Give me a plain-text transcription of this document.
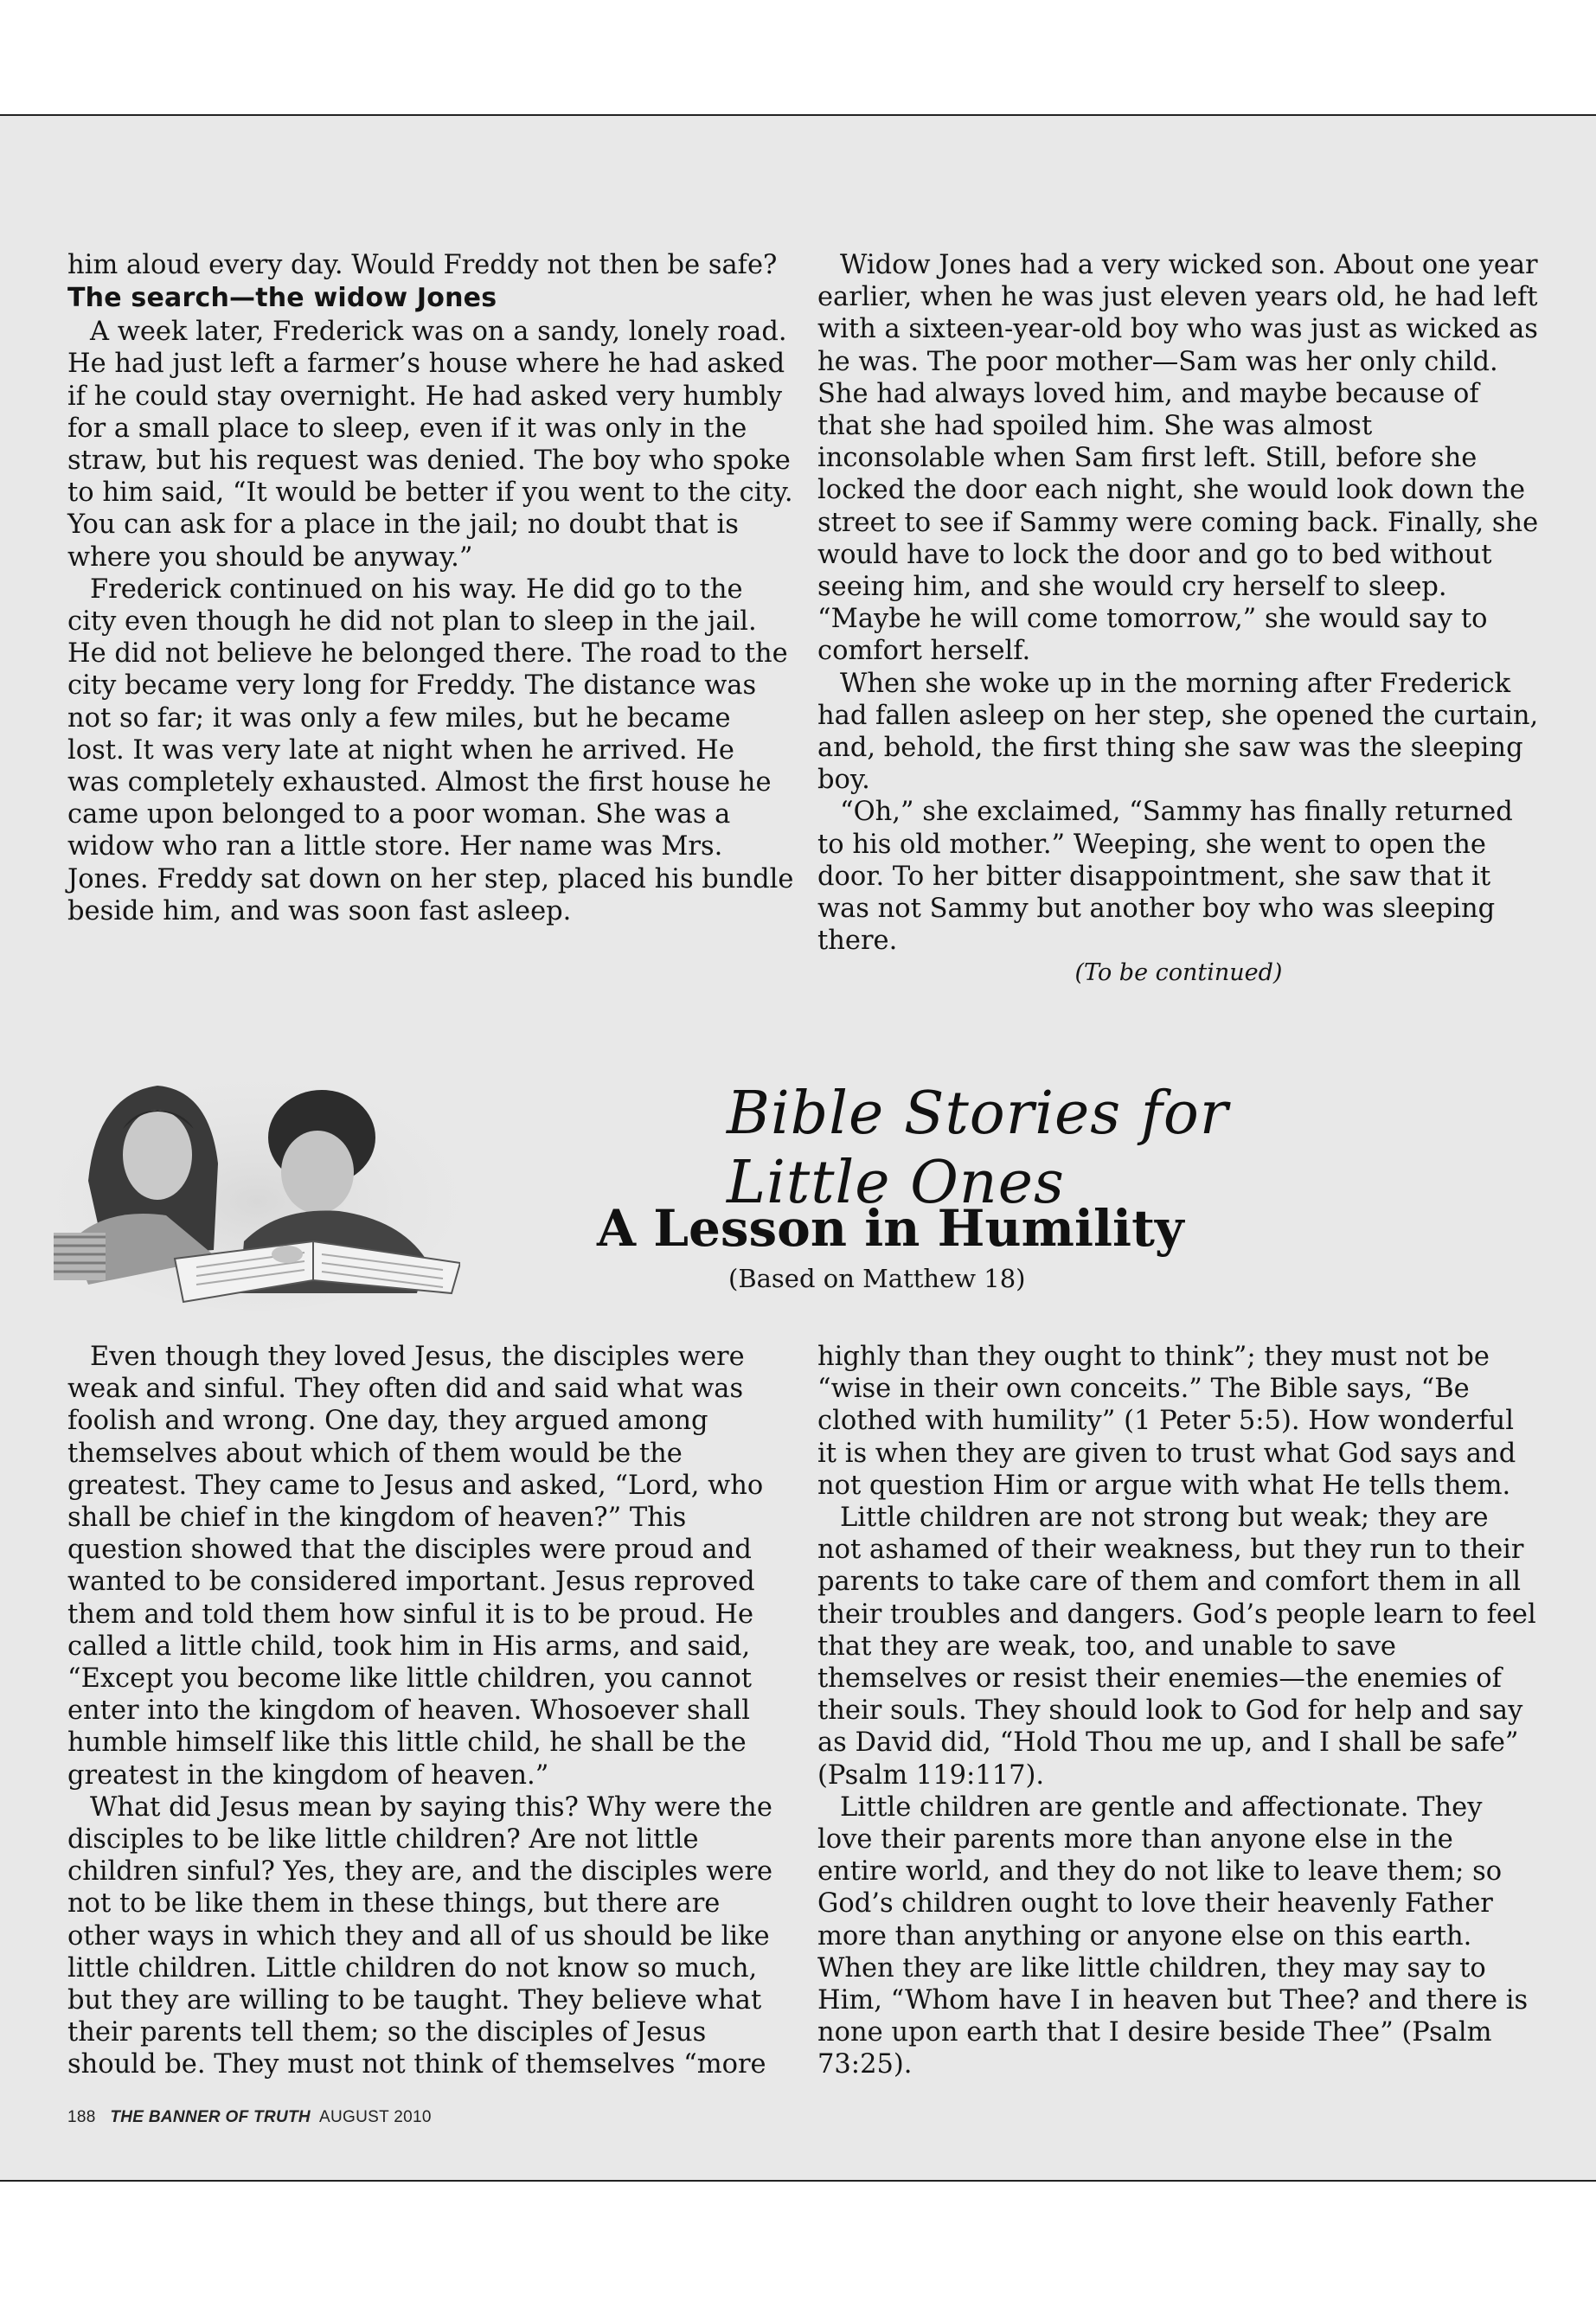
him aloud every day. Would Freddy not then be safe?

The search—the widow Jones

A week later, Frederick was on a sandy, lonely road. He had just left a farmer’s house where he had asked if he could stay overnight. He had asked very humbly for a small place to sleep, even if it was only in the straw, but his request was denied. The boy who spoke to him said, “It would be better if you went to the city. You can ask for a place in the jail; no doubt that is where you should be anyway.”

Frederick continued on his way. He did go to the city even though he did not plan to sleep in the jail. He did not believe he belonged there. The road to the city became very long for Freddy. The distance was not so far; it was only a few miles, but he became lost. It was very late at night when he arrived. He was completely exhausted. Almost the first house he came upon belonged to a poor woman. She was a widow who ran a little store. Her name was Mrs. Jones. Freddy sat down on her step, placed his bundle beside him, and was soon fast asleep.

Widow Jones had a very wicked son. About one year earlier, when he was just eleven years old, he had left with a sixteen-year-old boy who was just as wicked as he was. The poor mother—Sam was her only child. She had always loved him, and maybe because of that she had spoiled him. She was almost inconsolable when Sam first left. Still, before she locked the door each night, she would look down the street to see if Sammy were coming back. Finally, she would have to lock the door and go to bed without seeing him, and she would cry herself to sleep. “Maybe he will come tomorrow,” she would say to comfort herself.

When she woke up in the morning after Frederick had fallen asleep on her step, she opened the curtain, and, behold, the first thing she saw was the sleeping boy.

“Oh,” she exclaimed, “Sammy has finally returned to his old mother.” Weeping, she went to open the door. To her bitter disappointment, she saw that it was not Sammy but another boy who was sleeping there.

(To be continued)

Bible Stories for Little Ones
A Lesson in Humility
(Based on Matthew 18)

Even though they loved Jesus, the disciples were weak and sinful. They often did and said what was foolish and wrong. One day, they argued among themselves about which of them would be the greatest. They came to Jesus and asked, “Lord, who shall be chief in the kingdom of heaven?” This question showed that the disciples were proud and wanted to be considered important. Jesus reproved them and told them how sinful it is to be proud. He called a little child, took him in His arms, and said, “Except you become like little children, you cannot enter into the kingdom of heaven. Whosoever shall humble himself like this little child, he shall be the greatest in the kingdom of heaven.”

What did Jesus mean by saying this? Why were the disciples to be like little children? Are not little children sinful? Yes, they are, and the disciples were not to be like them in these things, but there are other ways in which they and all of us should be like little children. Little children do not know so much, but they are willing to be taught. They believe what their parents tell them; so the disciples of Jesus should be. They must not think of themselves “more

highly than they ought to think”; they must not be “wise in their own conceits.” The Bible says, “Be clothed with humility” (1 Peter 5:5). How wonderful it is when they are given to trust what God says and not question Him or argue with what He tells them.

Little children are not strong but weak; they are not ashamed of their weakness, but they run to their parents to take care of them and comfort them in all their troubles and dangers. God’s people learn to feel that they are weak, too, and unable to save themselves or resist their enemies—the enemies of their souls. They should look to God for help and say as David did, “Hold Thou me up, and I shall be safe” (Psalm 119:117).

Little children are gentle and affectionate. They love their parents more than anyone else in the entire world, and they do not like to leave them; so God’s children ought to love their heavenly Father more than anything or anyone else on this earth. When they are like little children, they may say to Him, “Whom have I in heaven but Thee? and there is none upon earth that I desire beside Thee” (Psalm 73:25).

188 THE BANNER OF TRUTH AUGUST 2010
